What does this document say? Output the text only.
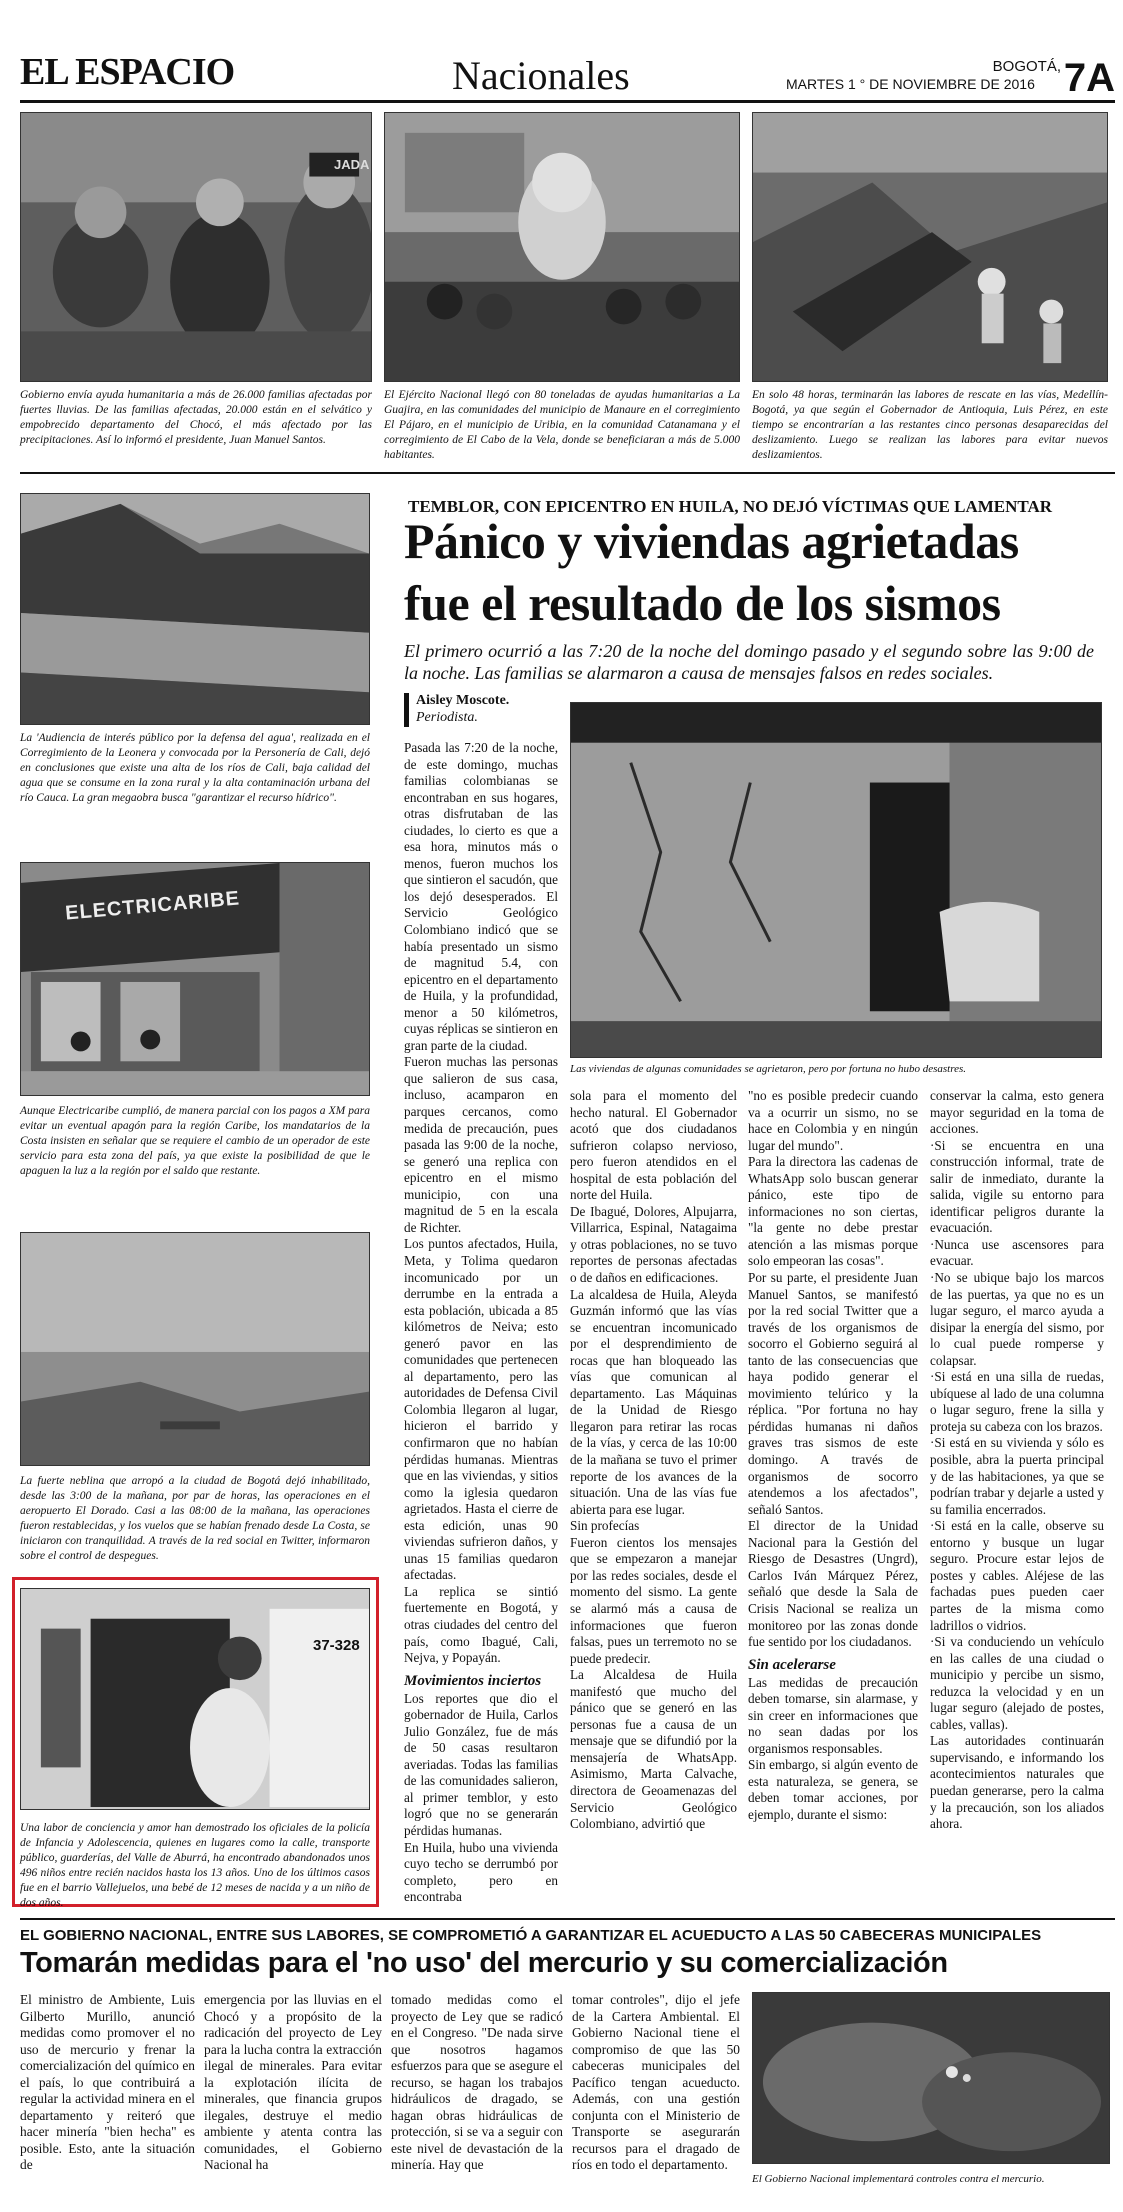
EL ESPACIO	Nacionales	BOGOTÁ,
MARTES 1 ° DE NOVIEMBRE DE 2016 7A
JADA
Gobierno envía ayuda humanitaria a más de 26.000 familias afectadas por fuertes lluvias. De las familias afectadas, 20.000 están en el selvático y empobrecido departamento del Chocó, el más afectado por las precipitaciones. Así lo informó el presidente, Juan Manuel Santos.
El Ejército Nacional llegó con 80 toneladas de ayudas humanitarias a La Guajira, en las comunidades del municipio de Manaure en el corregimiento El Pájaro, en el municipio de Uribia, en la comunidad Catanamana y el corregimiento de El Cabo de la Vela, donde se beneficiaran a más de 5.000 habitantes.
En solo 48 horas, terminarán las labores de rescate en las vías, Medellín-Bogotá, ya que según el Gobernador de Antioquia, Luis Pérez, en este tiempo se encontrarían a las restantes cinco personas desaparecidas del deslizamiento. Luego se realizan las labores para evitar nuevos deslizamientos.
La 'Audiencia de interés público por la defensa del agua', realizada en el Corregimiento de la Leonera y convocada por la Personería de Cali, dejó en conclusiones que existe una alta de los ríos de Cali, baja calidad del agua que se consume en la zona rural y la alta contaminación urbana del río Cauca. La gran megaobra busca "garantizar el recurso hídrico".
ELECTRICARIBE
Aunque Electricaribe cumplió, de manera parcial con los pagos a XM para evitar un eventual apagón para la región Caribe, los mandatarios de la Costa insisten en señalar que se requiere el cambio de un operador de este servicio para esta zona del país, ya que existe la posibilidad de que le apaguen la luz a la región por el saldo que restante.
La fuerte neblina que arropó a la ciudad de Bogotá dejó inhabilitado, desde las 3:00 de la mañana, por par de horas, las operaciones en el aeropuerto El Dorado. Casi a las 08:00 de la mañana, las operaciones fueron restablecidas, y los vuelos que se habían frenado desde La Costa, se iniciaron con tranquilidad. A través de la red social en Twitter, informaron sobre el control de despegues.
37-328
Una labor de conciencia y amor han demostrado los oficiales de la policía de Infancia y Adolescencia, quienes en lugares como la calle, transporte público, guarderías, del Valle de Aburrá, ha encontrado abandonados unos 496 niños entre recién nacidos hasta los 13 años. Uno de los últimos casos fue en el barrio Vallejuelos, una bebé de 12 meses de nacida y a un niño de dos años.
TEMBLOR, CON EPICENTRO EN HUILA, NO DEJÓ VÍCTIMAS QUE LAMENTAR
Pánico y viviendas agrietadas
fue el resultado de los sismos
El primero ocurrió a las 7:20 de la noche del domingo pasado y el segundo sobre las 9:00 de la noche. Las familias se alarmaron a causa de mensajes falsos en redes sociales.
Aisley Moscote.
Periodista.
Las viviendas de algunas comunidades se agrietaron, pero por fortuna no hubo desastres.

Pasada las 7:20 de la noche, de este domingo, muchas familias colombianas se encontraban en sus hogares, otras disfrutaban de las ciudades, lo cierto es que a esa hora, minutos más o menos, fueron muchos los que sintieron el sacudón, que los dejó desesperados. El Servicio Geológico Colombiano indicó que se había presentado un sismo de magnitud 5.4, con epicentro en el departamento de Huila, y la profundidad, menor a 50 kilómetros, cuyas réplicas se sintieron en gran parte de la ciudad.

Fueron muchas las personas que salieron de sus casa, incluso, acamparon en parques cercanos, como medida de precaución, pues pasada las 9:00 de la noche, se generó una replica con epicentro en el mismo municipio, con una magnitud de 5 en la escala de Richter.

Los puntos afectados, Huila, Meta, y Tolima quedaron incomunicado por un derrumbe en la entrada a esta población, ubicada a 85 kilómetros de Neiva; esto generó pavor en las comunidades que pertenecen al departamento, pero las autoridades de Defensa Civil Colombia llegaron al lugar, hicieron el barrido y confirmaron que no habían pérdidas humanas. Mientras que en las viviendas, y sitios como la iglesia quedaron agrietados. Hasta el cierre de esta edición, unas 90 viviendas sufrieron daños, y unas 15 familias quedaron afectadas.

La replica se sintió fuertemente en Bogotá, y otras ciudades del centro del país, como Ibagué, Cali, Nejva, y Popayán.

Movimientos inciertos

Los reportes que dio el gobernador de Huila, Carlos Julio González, fue de más de 50 casas resultaron averiadas. Todas las familias de las comunidades salieron, al primer temblor, y esto logró que no se generarán pérdidas humanas.

En Huila, hubo una vivienda cuyo techo se derrumbó por completo, pero en encontraba

sola para el momento del hecho natural. El Gobernador acotó que dos ciudadanos sufrieron colapso nervioso, pero fueron atendidos en el hospital de esta población del norte del Huila.

De Ibagué, Dolores, Alpujarra, Villarrica, Espinal, Natagaima y otras poblaciones, no se tuvo reportes de personas afectadas o de daños en edificaciones.

La alcaldesa de Huila, Aleyda Guzmán informó que las vías se encuentran incomunicado por el desprendimiento de rocas que han bloqueado las vías que comunican al departamento. Las Máquinas de la Unidad de Riesgo llegaron para retirar las rocas de la vías, y cerca de las 10:00 de la mañana se tuvo el primer reporte de los avances de la situación. Una de las vías fue abierta para ese lugar.

Sin profecías

Fueron cientos los mensajes que se empezaron a manejar por las redes sociales, desde el momento del sismo. La gente se alarmó más a causa de informaciones que fueron falsas, pues un terremoto no se puede predecir.

La Alcaldesa de Huila manifestó que mucho del pánico que se generó en las personas fue a causa de un mensaje que se difundió por la mensajería de WhatsApp. Asimismo, Marta Calvache, directora de Geoamenazas del Servicio Geológico Colombiano, advirtió que

"no es posible predecir cuando va a ocurrir un sismo, no se hace en Colombia y en ningún lugar del mundo".

Para la directora las cadenas de WhatsApp solo buscan generar pánico, este tipo de informaciones no son ciertas, "la gente no debe prestar atención a las mismas porque solo empeoran las cosas".

Por su parte, el presidente Juan Manuel Santos, se manifestó por la red social Twitter que a través de los organismos de socorro el Gobierno seguirá al tanto de las consecuencias que haya podido generar el movimiento telúrico y la réplica. "Por fortuna no hay pérdidas humanas ni daños graves tras sismos de este domingo. A través de organismos de socorro atendemos a los afectados", señaló Santos.

El director de la Unidad Nacional para la Gestión del Riesgo de Desastres (Ungrd), Carlos Iván Márquez Pérez, señaló que desde la Sala de Crisis Nacional se realiza un monitoreo por las zonas donde fue sentido por los ciudadanos.

Sin acelerarse

Las medidas de precaución deben tomarse, sin alarmase, y sin creer en informaciones que no sean dadas por los organismos responsables.

Sin embargo, si algún evento de esta naturaleza, se genera, se deben tomar acciones, por ejemplo, durante el sismo:

conservar la calma, esto genera mayor seguridad en la toma de acciones.

·Si se encuentra en una construcción informal, trate de salir de inmediato, durante la salida, vigile su entorno para identificar peligros durante la evacuación.

·Nunca use ascensores para evacuar.

·No se ubique bajo los marcos de las puertas, ya que no es un lugar seguro, el marco ayuda a disipar la energía del sismo, por lo cual puede romperse y colapsar.

·Si está en una silla de ruedas, ubíquese al lado de una columna o lugar seguro, frene la silla y proteja su cabeza con los brazos.

·Si está en su vivienda y sólo es posible, abra la puerta principal y de las habitaciones, ya que se podrían trabar y dejarle a usted y su familia encerrados.

·Si está en la calle, observe su entorno y busque un lugar seguro. Procure estar lejos de postes y cables. Aléjese de las fachadas pues pueden caer partes de la misma como ladrillos o vidrios.

·Si va conduciendo un vehículo en las calles de una ciudad o municipio y percibe un sismo, reduzca la velocidad y en un lugar seguro (alejado de postes, cables, vallas).

Las autoridades continuarán supervisando, e informando los acontecimientos naturales que puedan generarse, pero la calma y la precaución, son los aliados ahora.

EL GOBIERNO NACIONAL, ENTRE SUS LABORES, SE COMPROMETIÓ A GARANTIZAR EL ACUEDUCTO A LAS 50 CABECERAS MUNICIPALES
Tomarán medidas para el 'no uso' del mercurio y su comercialización
El ministro de Ambiente, Luis Gilberto Murillo, anunció medidas como promover el no uso de mercurio y frenar la comercialización del químico en el país, lo que contribuirá a regular la actividad minera en el departamento y reiteró que hacer minería "bien hecha" es posible. Esto, ante la situación de
emergencia por las lluvias en el Chocó y a propósito de la radicación del proyecto de Ley para la lucha contra la extracción ilegal de minerales. Para evitar la explotación ilícita de minerales, que financia grupos ilegales, destruye el medio ambiente y atenta contra las comunidades, el Gobierno Nacional ha
tomado medidas como el proyecto de Ley que se radicó en el Congreso. "De nada sirve que nosotros hagamos esfuerzos para que se asegure el recurso, se hagan los trabajos hidráulicos de dragado, se hagan obras hidráulicas de protección, si se va a seguir con este nivel de devastación de la minería. Hay que
tomar controles", dijo el jefe de la Cartera Ambiental. El Gobierno Nacional tiene el compromiso de que las 50 cabeceras municipales del Pacífico tengan acueducto. Además, con una gestión conjunta con el Ministerio de Transporte se asegurarán recursos para el dragado de ríos en todo el departamento.
El Gobierno Nacional implementará controles contra el mercurio.
